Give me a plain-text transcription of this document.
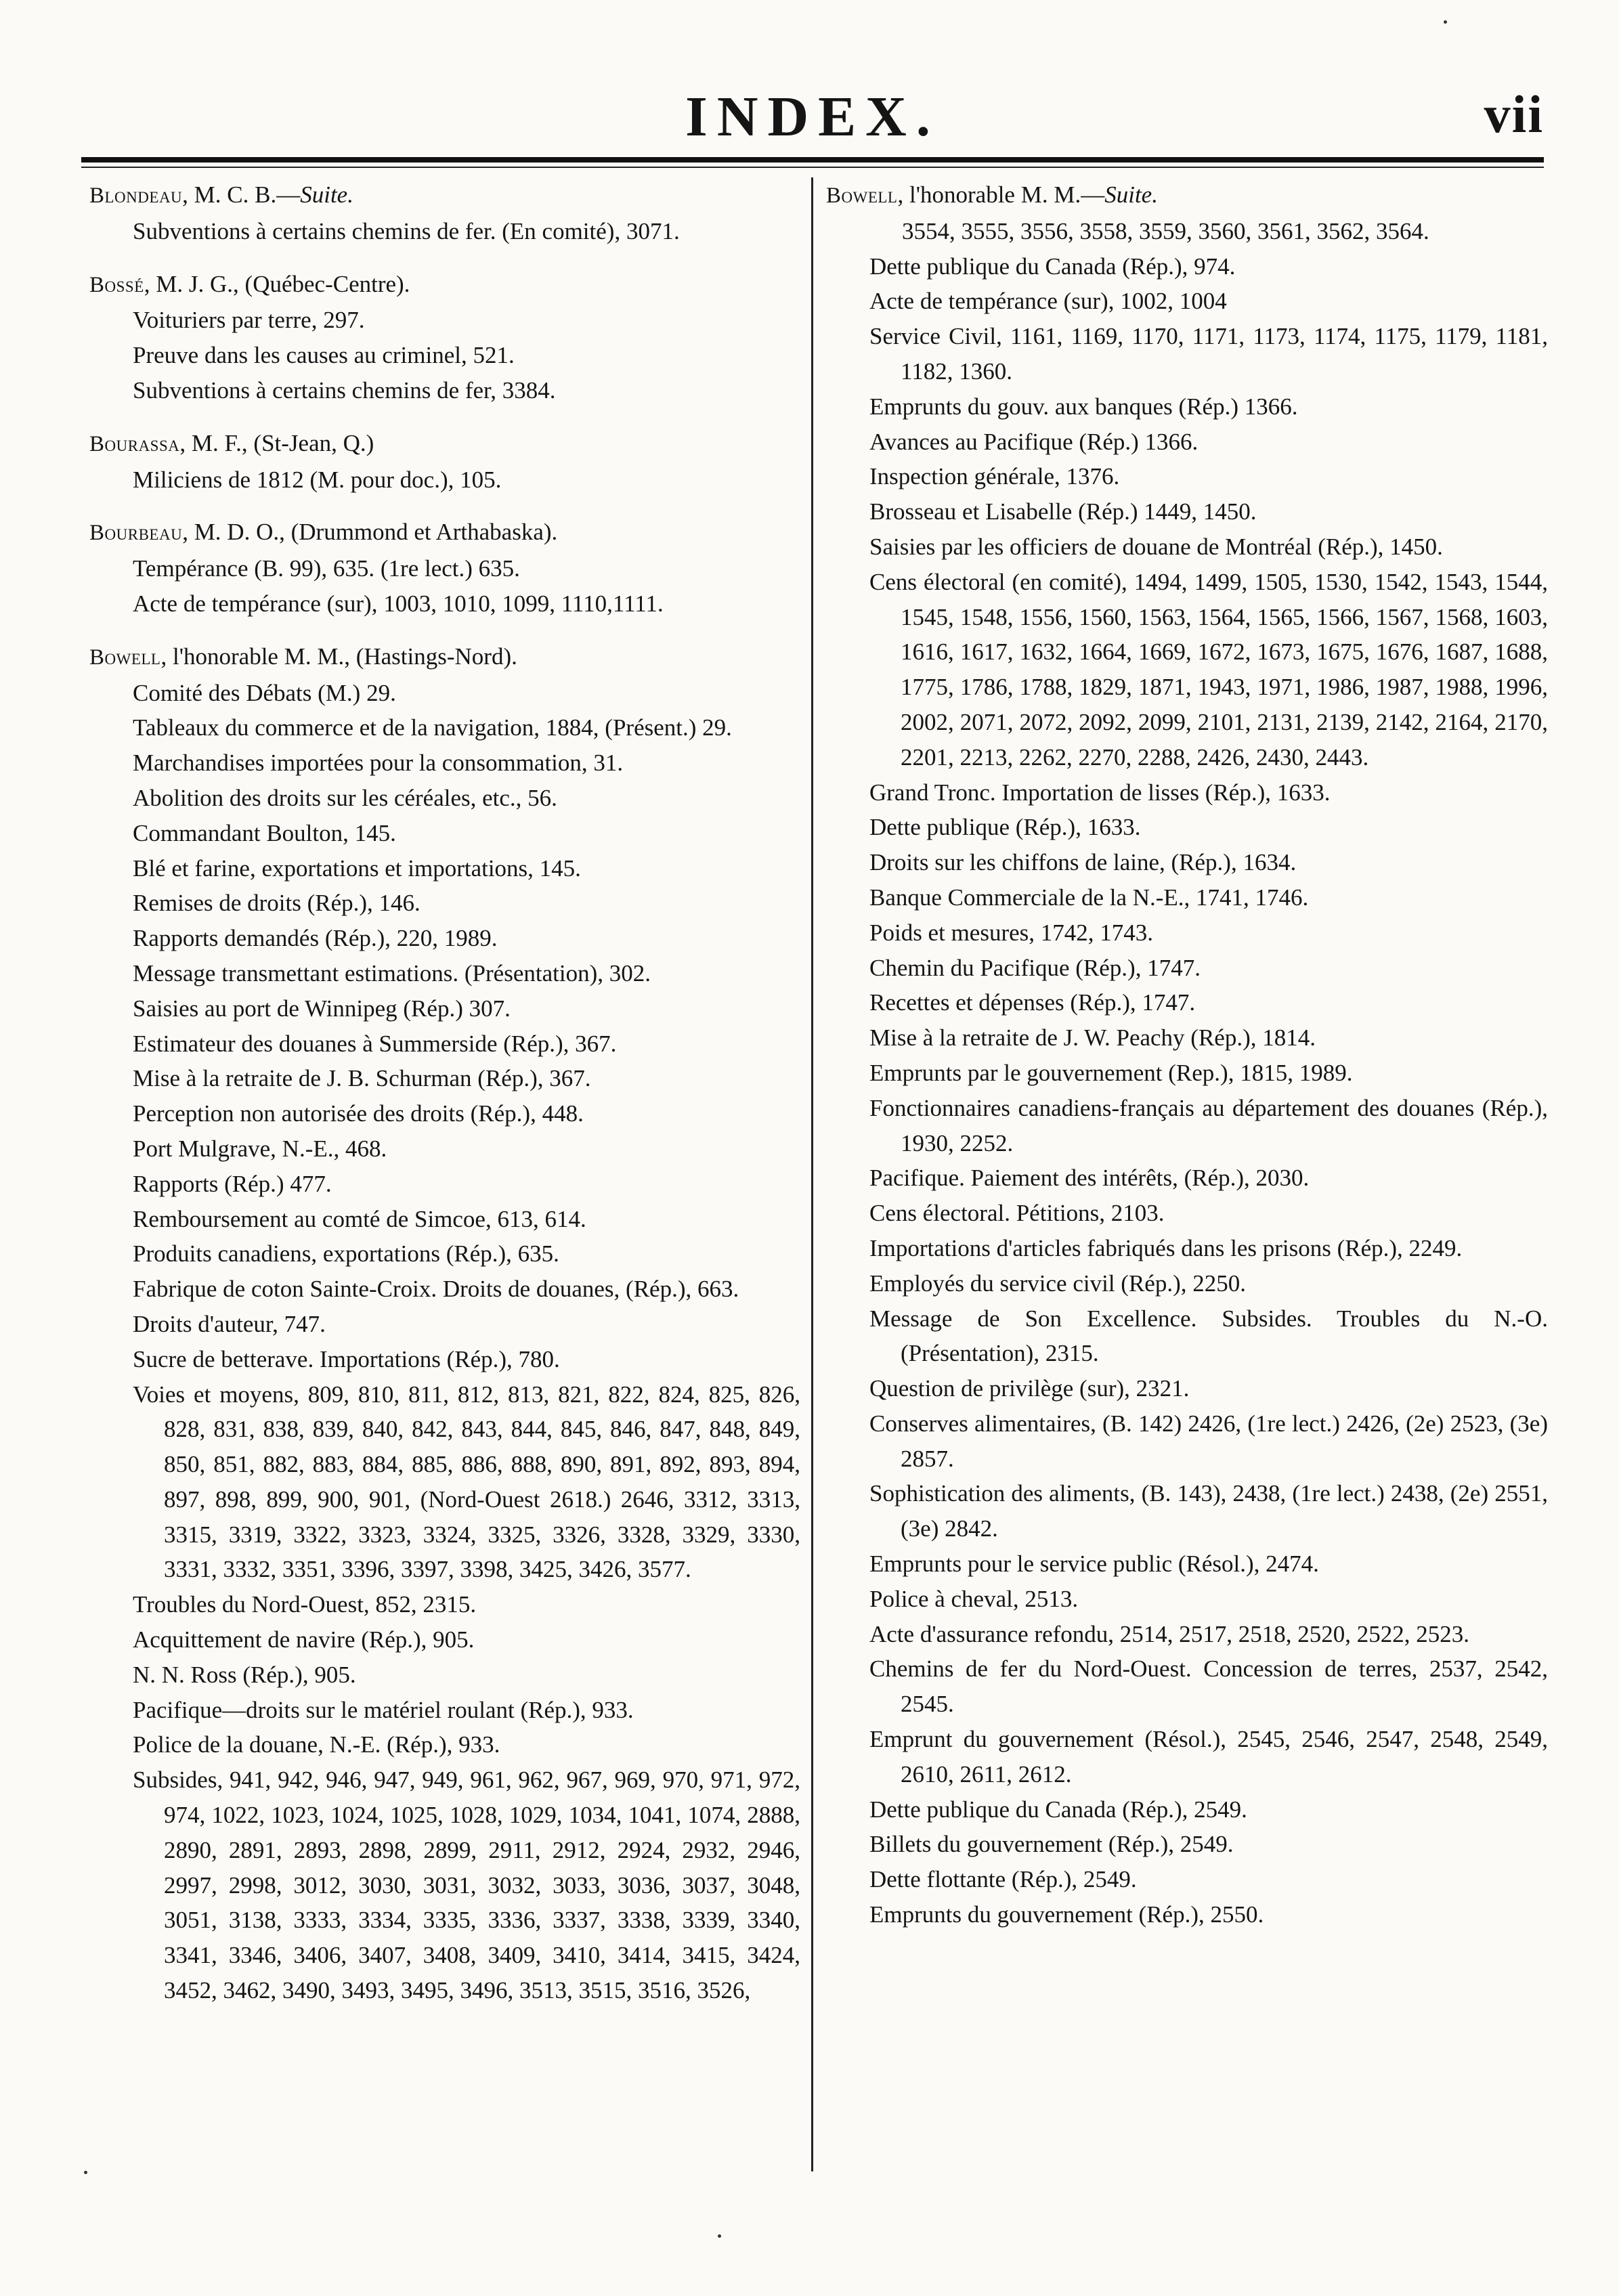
INDEX.	vii
Blondeau, M. C. B.—Suite.
Subventions à certains chemins de fer. (En comité), 3071.
Bossé, M. J. G., (Québec-Centre).
Voituriers par terre, 297.
Preuve dans les causes au criminel, 521.
Subventions à certains chemins de fer, 3384.
Bourassa, M. F., (St-Jean, Q.)
Miliciens de 1812 (M. pour doc.), 105.
Bourbeau, M. D. O., (Drummond et Arthabaska).
Tempérance (B. 99), 635. (1re lect.) 635.
Acte de tempérance (sur), 1003, 1010, 1099, 1110,1111.
Bowell, l'honorable M. M., (Hastings-Nord).
Comité des Débats (M.) 29.
Tableaux du commerce et de la navigation, 1884, (Présent.) 29.
Marchandises importées pour la consommation, 31.
Abolition des droits sur les céréales, etc., 56.
Commandant Boulton, 145.
Blé et farine, exportations et importations, 145.
Remises de droits (Rép.), 146.
Rapports demandés (Rép.), 220, 1989.
Message transmettant estimations. (Présentation), 302.
Saisies au port de Winnipeg (Rép.) 307.
Estimateur des douanes à Summerside (Rép.), 367.
Mise à la retraite de J. B. Schurman (Rép.), 367.
Perception non autorisée des droits (Rép.), 448.
Port Mulgrave, N.-E., 468.
Rapports (Rép.) 477.
Remboursement au comté de Simcoe, 613, 614.
Produits canadiens, exportations (Rép.), 635.
Fabrique de coton Sainte-Croix. Droits de douanes, (Rép.), 663.
Droits d'auteur, 747.
Sucre de betterave. Importations (Rép.), 780.
Voies et moyens, 809, 810, 811, 812, 813, 821, 822, 824, 825, 826, 828, 831, 838, 839, 840, 842, 843, 844, 845, 846, 847, 848, 849, 850, 851, 882, 883, 884, 885, 886, 888, 890, 891, 892, 893, 894, 897, 898, 899, 900, 901, (Nord-Ouest 2618.) 2646, 3312, 3313, 3315, 3319, 3322, 3323, 3324, 3325, 3326, 3328, 3329, 3330, 3331, 3332, 3351, 3396, 3397, 3398, 3425, 3426, 3577.
Troubles du Nord-Ouest, 852, 2315.
Acquittement de navire (Rép.), 905.
N. N. Ross (Rép.), 905.
Pacifique—droits sur le matériel roulant (Rép.), 933.
Police de la douane, N.-E. (Rép.), 933.
Subsides, 941, 942, 946, 947, 949, 961, 962, 967, 969, 970, 971, 972, 974, 1022, 1023, 1024, 1025, 1028, 1029, 1034, 1041, 1074, 2888, 2890, 2891, 2893, 2898, 2899, 2911, 2912, 2924, 2932, 2946, 2997, 2998, 3012, 3030, 3031, 3032, 3033, 3036, 3037, 3048, 3051, 3138, 3333, 3334, 3335, 3336, 3337, 3338, 3339, 3340, 3341, 3346, 3406, 3407, 3408, 3409, 3410, 3414, 3415, 3424, 3452, 3462, 3490, 3493, 3495, 3496, 3513, 3515, 3516, 3526,
Bowell, l'honorable M. M.—Suite.
3554, 3555, 3556, 3558, 3559, 3560, 3561, 3562, 3564.
Dette publique du Canada (Rép.), 974.
Acte de tempérance (sur), 1002, 1004
Service Civil, 1161, 1169, 1170, 1171, 1173, 1174, 1175, 1179, 1181, 1182, 1360.
Emprunts du gouv. aux banques (Rép.) 1366.
Avances au Pacifique (Rép.) 1366.
Inspection générale, 1376.
Brosseau et Lisabelle (Rép.) 1449, 1450.
Saisies par les officiers de douane de Montréal (Rép.), 1450.
Cens électoral (en comité), 1494, 1499, 1505, 1530, 1542, 1543, 1544, 1545, 1548, 1556, 1560, 1563, 1564, 1565, 1566, 1567, 1568, 1603, 1616, 1617, 1632, 1664, 1669, 1672, 1673, 1675, 1676, 1687, 1688, 1775, 1786, 1788, 1829, 1871, 1943, 1971, 1986, 1987, 1988, 1996, 2002, 2071, 2072, 2092, 2099, 2101, 2131, 2139, 2142, 2164, 2170, 2201, 2213, 2262, 2270, 2288, 2426, 2430, 2443.
Grand Tronc. Importation de lisses (Rép.), 1633.
Dette publique (Rép.), 1633.
Droits sur les chiffons de laine, (Rép.), 1634.
Banque Commerciale de la N.-E., 1741, 1746.
Poids et mesures, 1742, 1743.
Chemin du Pacifique (Rép.), 1747.
Recettes et dépenses (Rép.), 1747.
Mise à la retraite de J. W. Peachy (Rép.), 1814.
Emprunts par le gouvernement (Rep.), 1815, 1989.
Fonctionnaires canadiens-français au département des douanes (Rép.), 1930, 2252.
Pacifique. Paiement des intérêts, (Rép.), 2030.
Cens électoral. Pétitions, 2103.
Importations d'articles fabriqués dans les prisons (Rép.), 2249.
Employés du service civil (Rép.), 2250.
Message de Son Excellence. Subsides. Troubles du N.-O. (Présentation), 2315.
Question de privilège (sur), 2321.
Conserves alimentaires, (B. 142) 2426, (1re lect.) 2426, (2e) 2523, (3e) 2857.
Sophistication des aliments, (B. 143), 2438, (1re lect.) 2438, (2e) 2551, (3e) 2842.
Emprunts pour le service public (Résol.), 2474.
Police à cheval, 2513.
Acte d'assurance refondu, 2514, 2517, 2518, 2520, 2522, 2523.
Chemins de fer du Nord-Ouest. Concession de terres, 2537, 2542, 2545.
Emprunt du gouvernement (Résol.), 2545, 2546, 2547, 2548, 2549, 2610, 2611, 2612.
Dette publique du Canada (Rép.), 2549.
Billets du gouvernement (Rép.), 2549.
Dette flottante (Rép.), 2549.
Emprunts du gouvernement (Rép.), 2550.
